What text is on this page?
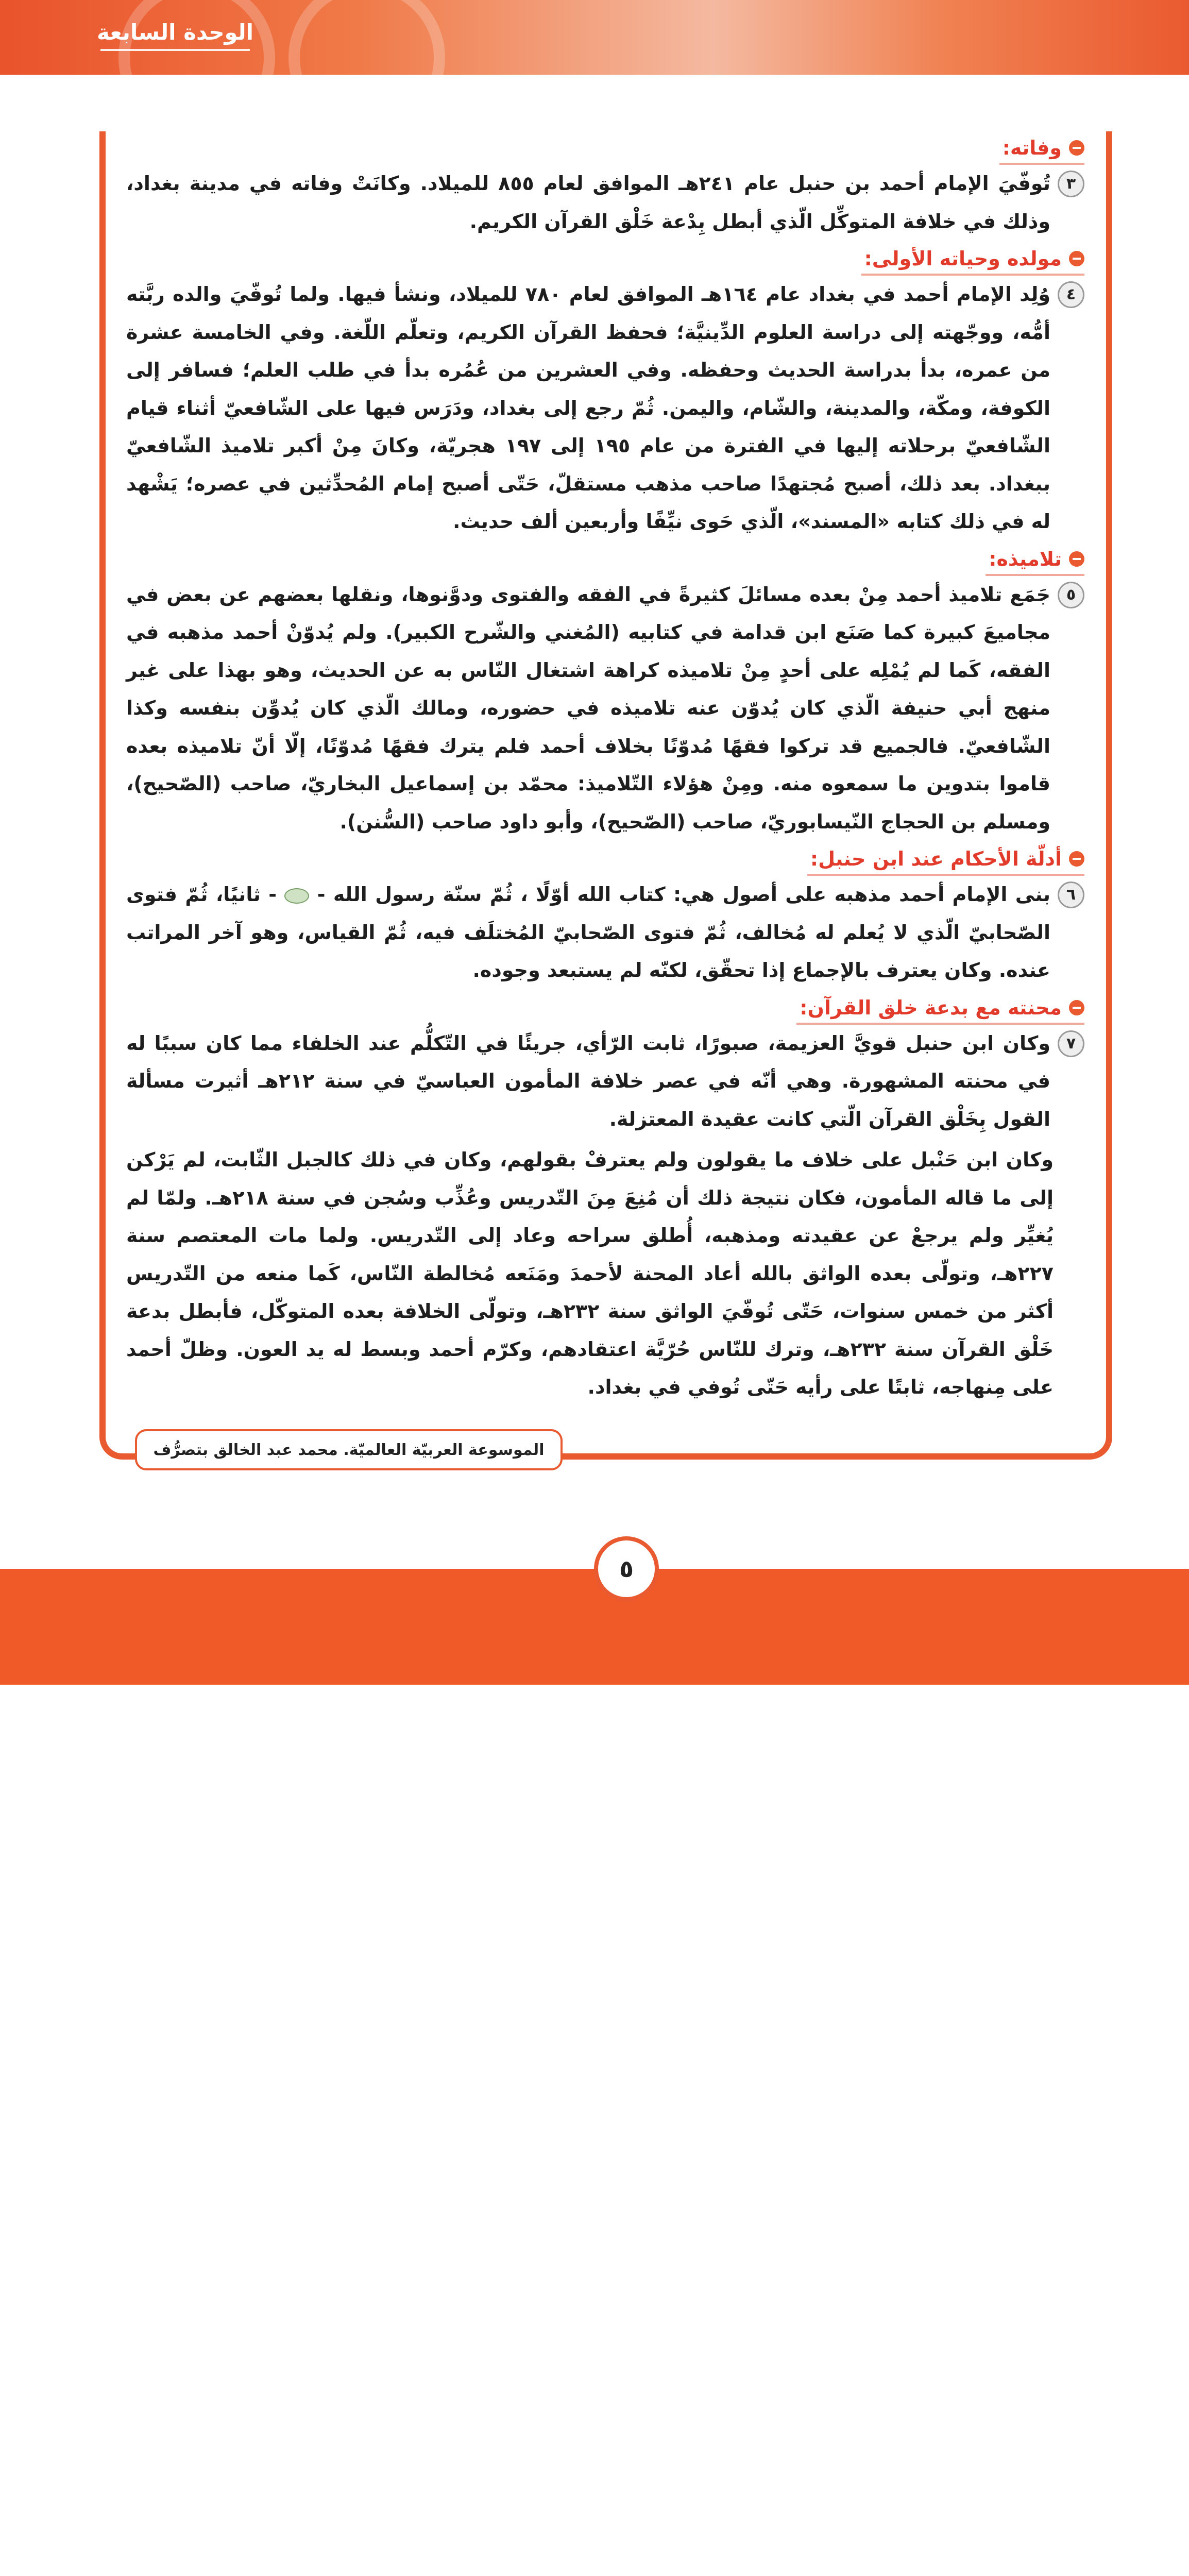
الوحدة السابعة
وفاته:
٣
تُوفّيَ الإمام أحمد بن حنبل عام ٢٤١هـ الموافق لعام ٨٥٥ للميلاد. وكانَتْ وفاته في مدينة بغداد، وذلك في خلافة المتوكِّل الّذي أبطل بِدْعة خَلْق القرآن الكريم.
مولده وحياته الأولى:
٤
وُلِد الإمام أحمد في بغداد عام ١٦٤هـ الموافق لعام ٧٨٠ للميلاد، ونشأ فيها. ولما تُوفّيَ والده ربَّته أمُّه، ووجّهته إلى دراسة العلوم الدِّينيَّة؛ فحفظ القرآن الكريم، وتعلّم اللّغة. وفي الخامسة عشرة من عمره، بدأ بدراسة الحديث وحفظه. وفي العشرين من عُمُره بدأ في طلب العلم؛ فسافر إلى الكوفة، ومكّة، والمدينة، والشّام، واليمن. ثُمّ رجع إلى بغداد، ودَرَس فيها على الشّافعيّ أثناء قيام الشّافعيّ برحلاته إليها في الفترة من عام ١٩٥ إلى ١٩٧ هجريّة، وكانَ مِنْ أكبر تلاميذ الشّافعيّ ببغداد. بعد ذلك، أصبح مُجتهدًا صاحب مذهب مستقلّ، حَتّى أصبح إمام المُحدِّثين في عصره؛ يَشْهد له في ذلك كتابه «المسند»، الّذي حَوى نيِّفًا وأربعين ألف حديث.
تلاميذه:
٥
جَمَع تلاميذ أحمد مِنْ بعده مسائلَ كثيرةً في الفقه والفتوى ودوَّنوها، ونقلها بعضهم عن بعض في مجاميعَ كبيرة كما صَنَع ابن قدامة في كتابيه (المُغني والشّرح الكبير). ولم يُدوّنْ أحمد مذهبه في الفقه، كَما لم يُمْلِه على أحدٍ مِنْ تلاميذه كراهة اشتغال النّاس به عن الحديث، وهو بهذا على غير منهج أبي حنيفة الّذي كان يُدوّن عنه تلاميذه في حضوره، ومالك الّذي كان يُدوِّن بنفسه وكذا الشّافعيّ. فالجميع قد تركوا فقهًا مُدوّنًا بخلاف أحمد فلم يترك فقهًا مُدوّنًا، إلّا أنّ تلاميذه بعده قاموا بتدوين ما سمعوه منه. ومِنْ هؤلاء التّلاميذ: محمّد بن إسماعيل البخاريّ، صاحب (الصّحيح)، ومسلم بن الحجاج النّيسابوريّ، صاحب (الصّحيح)، وأبو داود صاحب (السُّنن).
أدلّة الأحكام عند ابن حنبل:
٦
بنى الإمام أحمد مذهبه على أصول هي: كتاب الله أوّلًا ، ثُمّ سنّة رسول الله -  - ثانيًا، ثُمّ فتوى الصّحابيّ الّذي لا يُعلم له مُخالف، ثُمّ فتوى الصّحابيّ المُختلَف فيه، ثُمّ القياس، وهو آخر المراتب عنده. وكان يعترف بالإجماع إذا تحقّق، لكنّه لم يستبعد وجوده.
محنته مع بدعة خلق القرآن:
٧
وكان ابن حنبل قويَّ العزيمة، صبورًا، ثابت الرّأي، جريئًا في التّكلُّم عند الخلفاء مما كان سببًا له في محنته المشهورة. وهي أنّه في عصر خلافة المأمون العباسيّ في سنة ٢١٢هـ أثيرت مسألة القول بِخَلْق القرآن الّتي كانت عقيدة المعتزلة.
وكان ابن حَنْبل على خلاف ما يقولون ولم يعترفْ بقولهم، وكان في ذلك كالجبل الثّابت، لم يَرْكن إلى ما قاله المأمون، فكان نتيجة ذلك أن مُنِعَ مِنَ التّدريس وعُذِّب وسُجن في سنة ٢١٨هـ. ولمّا لم يُغيِّر ولم يرجعْ عن عقيدته ومذهبه، أُطلق سراحه وعاد إلى التّدريس. ولما مات المعتصم سنة ٢٢٧هـ، وتولّى بعده الواثق بالله أعاد المحنة لأحمدَ ومَنَعه مُخالطة النّاس، كَما منعه من التّدريس أكثر من خمس سنوات، حَتّى تُوفّيَ الواثق سنة ٢٣٢هـ، وتولّى الخلافة بعده المتوكّل، فأبطل بدعة خَلْق القرآن سنة ٢٣٢هـ، وترك للنّاس حُرّيَّة اعتقادهم، وكرّم أحمد وبسط له يد العون. وظلّ أحمد على مِنهاجه، ثابتًا على رأيه حَتّى تُوفي في بغداد.
الموسوعة العربيّة العالميّة. محمد عبد الخالق بتصرُّف
٥
